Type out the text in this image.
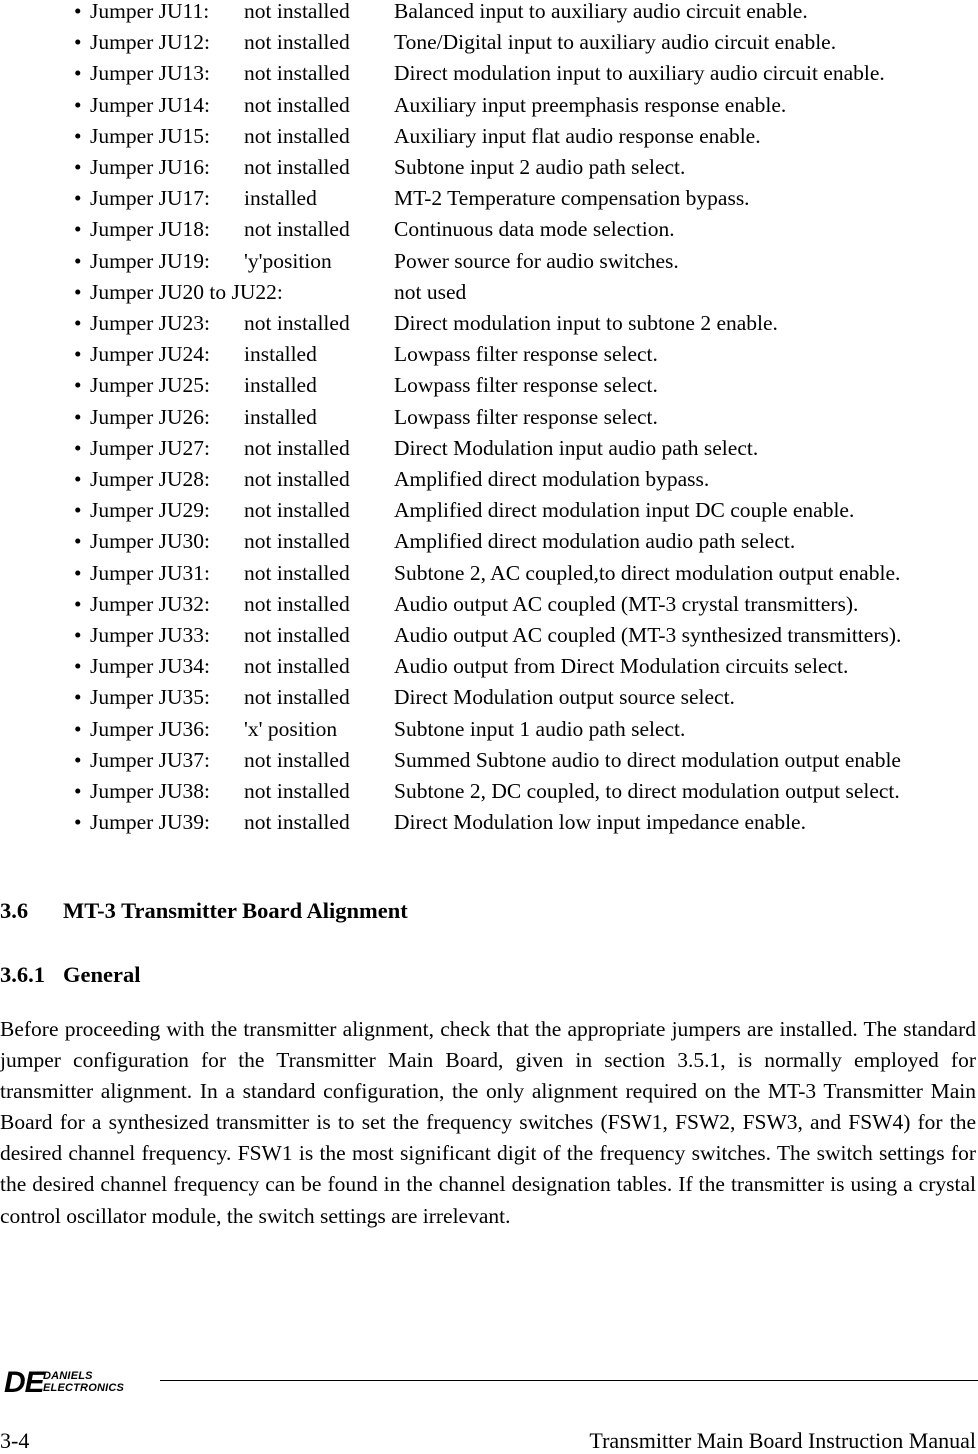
• Jumper JU11: not installed Balanced input to auxiliary audio circuit enable.
• Jumper JU12: not installed Tone/Digital input to auxiliary audio circuit enable.
• Jumper JU13: not installed Direct modulation input to auxiliary audio circuit enable.
• Jumper JU14: not installed Auxiliary input preemphasis response enable.
• Jumper JU15: not installed Auxiliary input flat audio response enable.
• Jumper JU16: not installed Subtone input 2 audio path select.
• Jumper JU17: installed	MT-2 Temperature compensation bypass.
• Jumper JU18: not installed Continuous data mode selection.
• Jumper JU19: 'y'position	Power source for audio switches.
• Jumper JU20 to JU22:	not used
• Jumper JU23: not installed Direct modulation input to subtone 2 enable.
• Jumper JU24: installed	Lowpass filter response select.
• Jumper JU25: installed	Lowpass filter response select.
• Jumper JU26: installed	Lowpass filter response select.
• Jumper JU27: not installed Direct Modulation input audio path select.
• Jumper JU28: not installed Amplified direct modulation bypass.
• Jumper JU29: not installed Amplified direct modulation input DC couple enable.
• Jumper JU30: not installed Amplified direct modulation audio path select.
• Jumper JU31: not installed Subtone 2, AC coupled,to direct modulation output enable.
• Jumper JU32: not installed Audio output AC coupled (MT-3 crystal transmitters).
• Jumper JU33: not installed Audio output AC coupled (MT-3 synthesized transmitters).
• Jumper JU34: not installed Audio output from Direct Modulation circuits select.
• Jumper JU35: not installed Direct Modulation output source select.
• Jumper JU36: 'x' position	Subtone input 1 audio path select.
• Jumper JU37: not installed Summed Subtone audio to direct modulation output enable
• Jumper JU38: not installed Subtone 2, DC coupled, to direct modulation output select.
• Jumper JU39: not installed Direct Modulation low input impedance enable.
3.6 MT-3 Transmitter Board Alignment
3.6.1 General
Before proceeding with the transmitter alignment, check that the appropriate jumpers are installed. The standard jumper configuration for the Transmitter Main Board, given in section 3.5.1, is normally employed for transmitter alignment. In a standard configuration, the only alignment required on the MT-3 Transmitter Main Board for a synthesized transmitter is to set the frequency switches (FSW1, FSW2, FSW3, and FSW4) for the desired channel frequency. FSW1 is the most significant digit of the frequency switches. The switch settings for the desired channel frequency can be found in the channel designation tables. If the transmitter is using a crystal control oscillator module, the switch settings are irrelevant.
DE DANIELS
ELECTRONICS
3-4	Transmitter Main Board Instruction Manual
